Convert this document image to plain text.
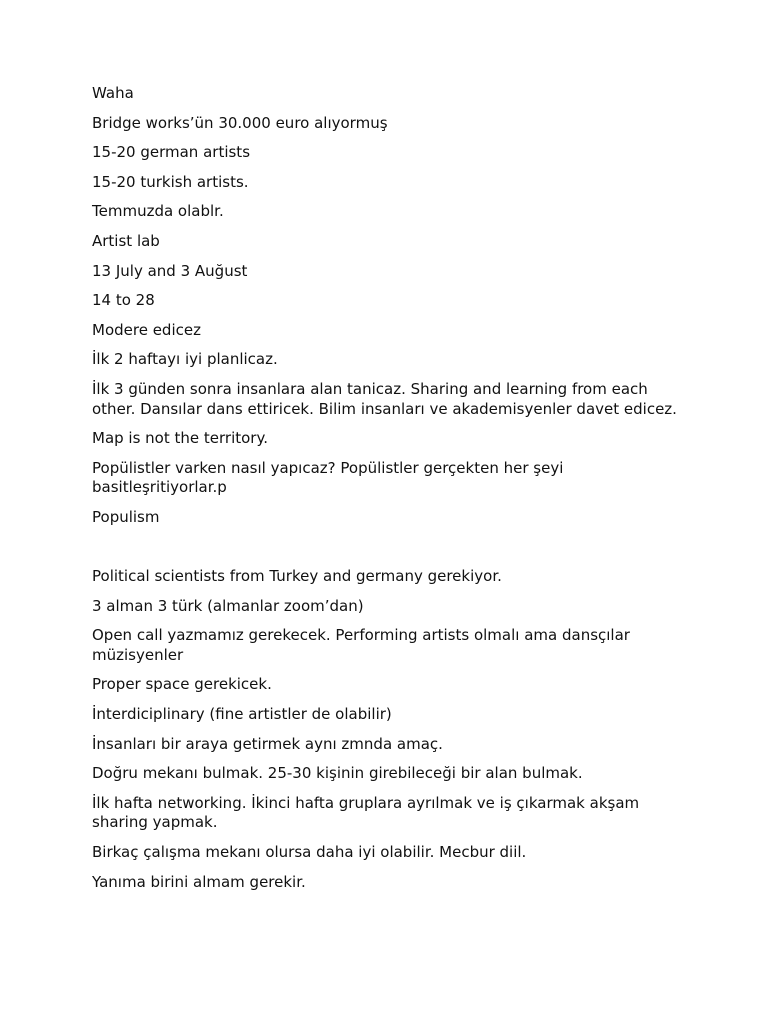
Waha

Bridge works’ün 30.000 euro alıyormuş

15-20 german artists

15-20 turkish artists.

Temmuzda olablr.

Artist lab

13 July and 3 Auğust

14 to 28

Modere edicez

İlk 2 haftayı iyi planlicaz.

İlk 3 günden sonra insanlara alan tanicaz. Sharing and learning from each other. Dansılar dans ettiricek. Bilim insanları ve akademisyenler davet edicez.

Map is not the territory.

Popülistler varken nasıl yapıcaz? Popülistler gerçekten her şeyi basitleşritiyorlar.p

Populism

Political scientists from Turkey and germany gerekiyor.

3 alman 3 türk (almanlar zoom’dan)

Open call yazmamız gerekecek. Performing artists olmalı ama dansçılar müzisyenler

Proper space gerekicek.

İnterdiciplinary (fine artistler de olabilir)

İnsanları bir araya getirmek aynı zmnda amaç.

Doğru mekanı bulmak. 25-30 kişinin girebileceği bir alan bulmak.

İlk hafta networking. İkinci hafta gruplara ayrılmak ve iş çıkarmak akşam sharing yapmak.

Birkaç çalışma mekanı olursa daha iyi olabilir. Mecbur diil.

Yanıma birini almam gerekir.
